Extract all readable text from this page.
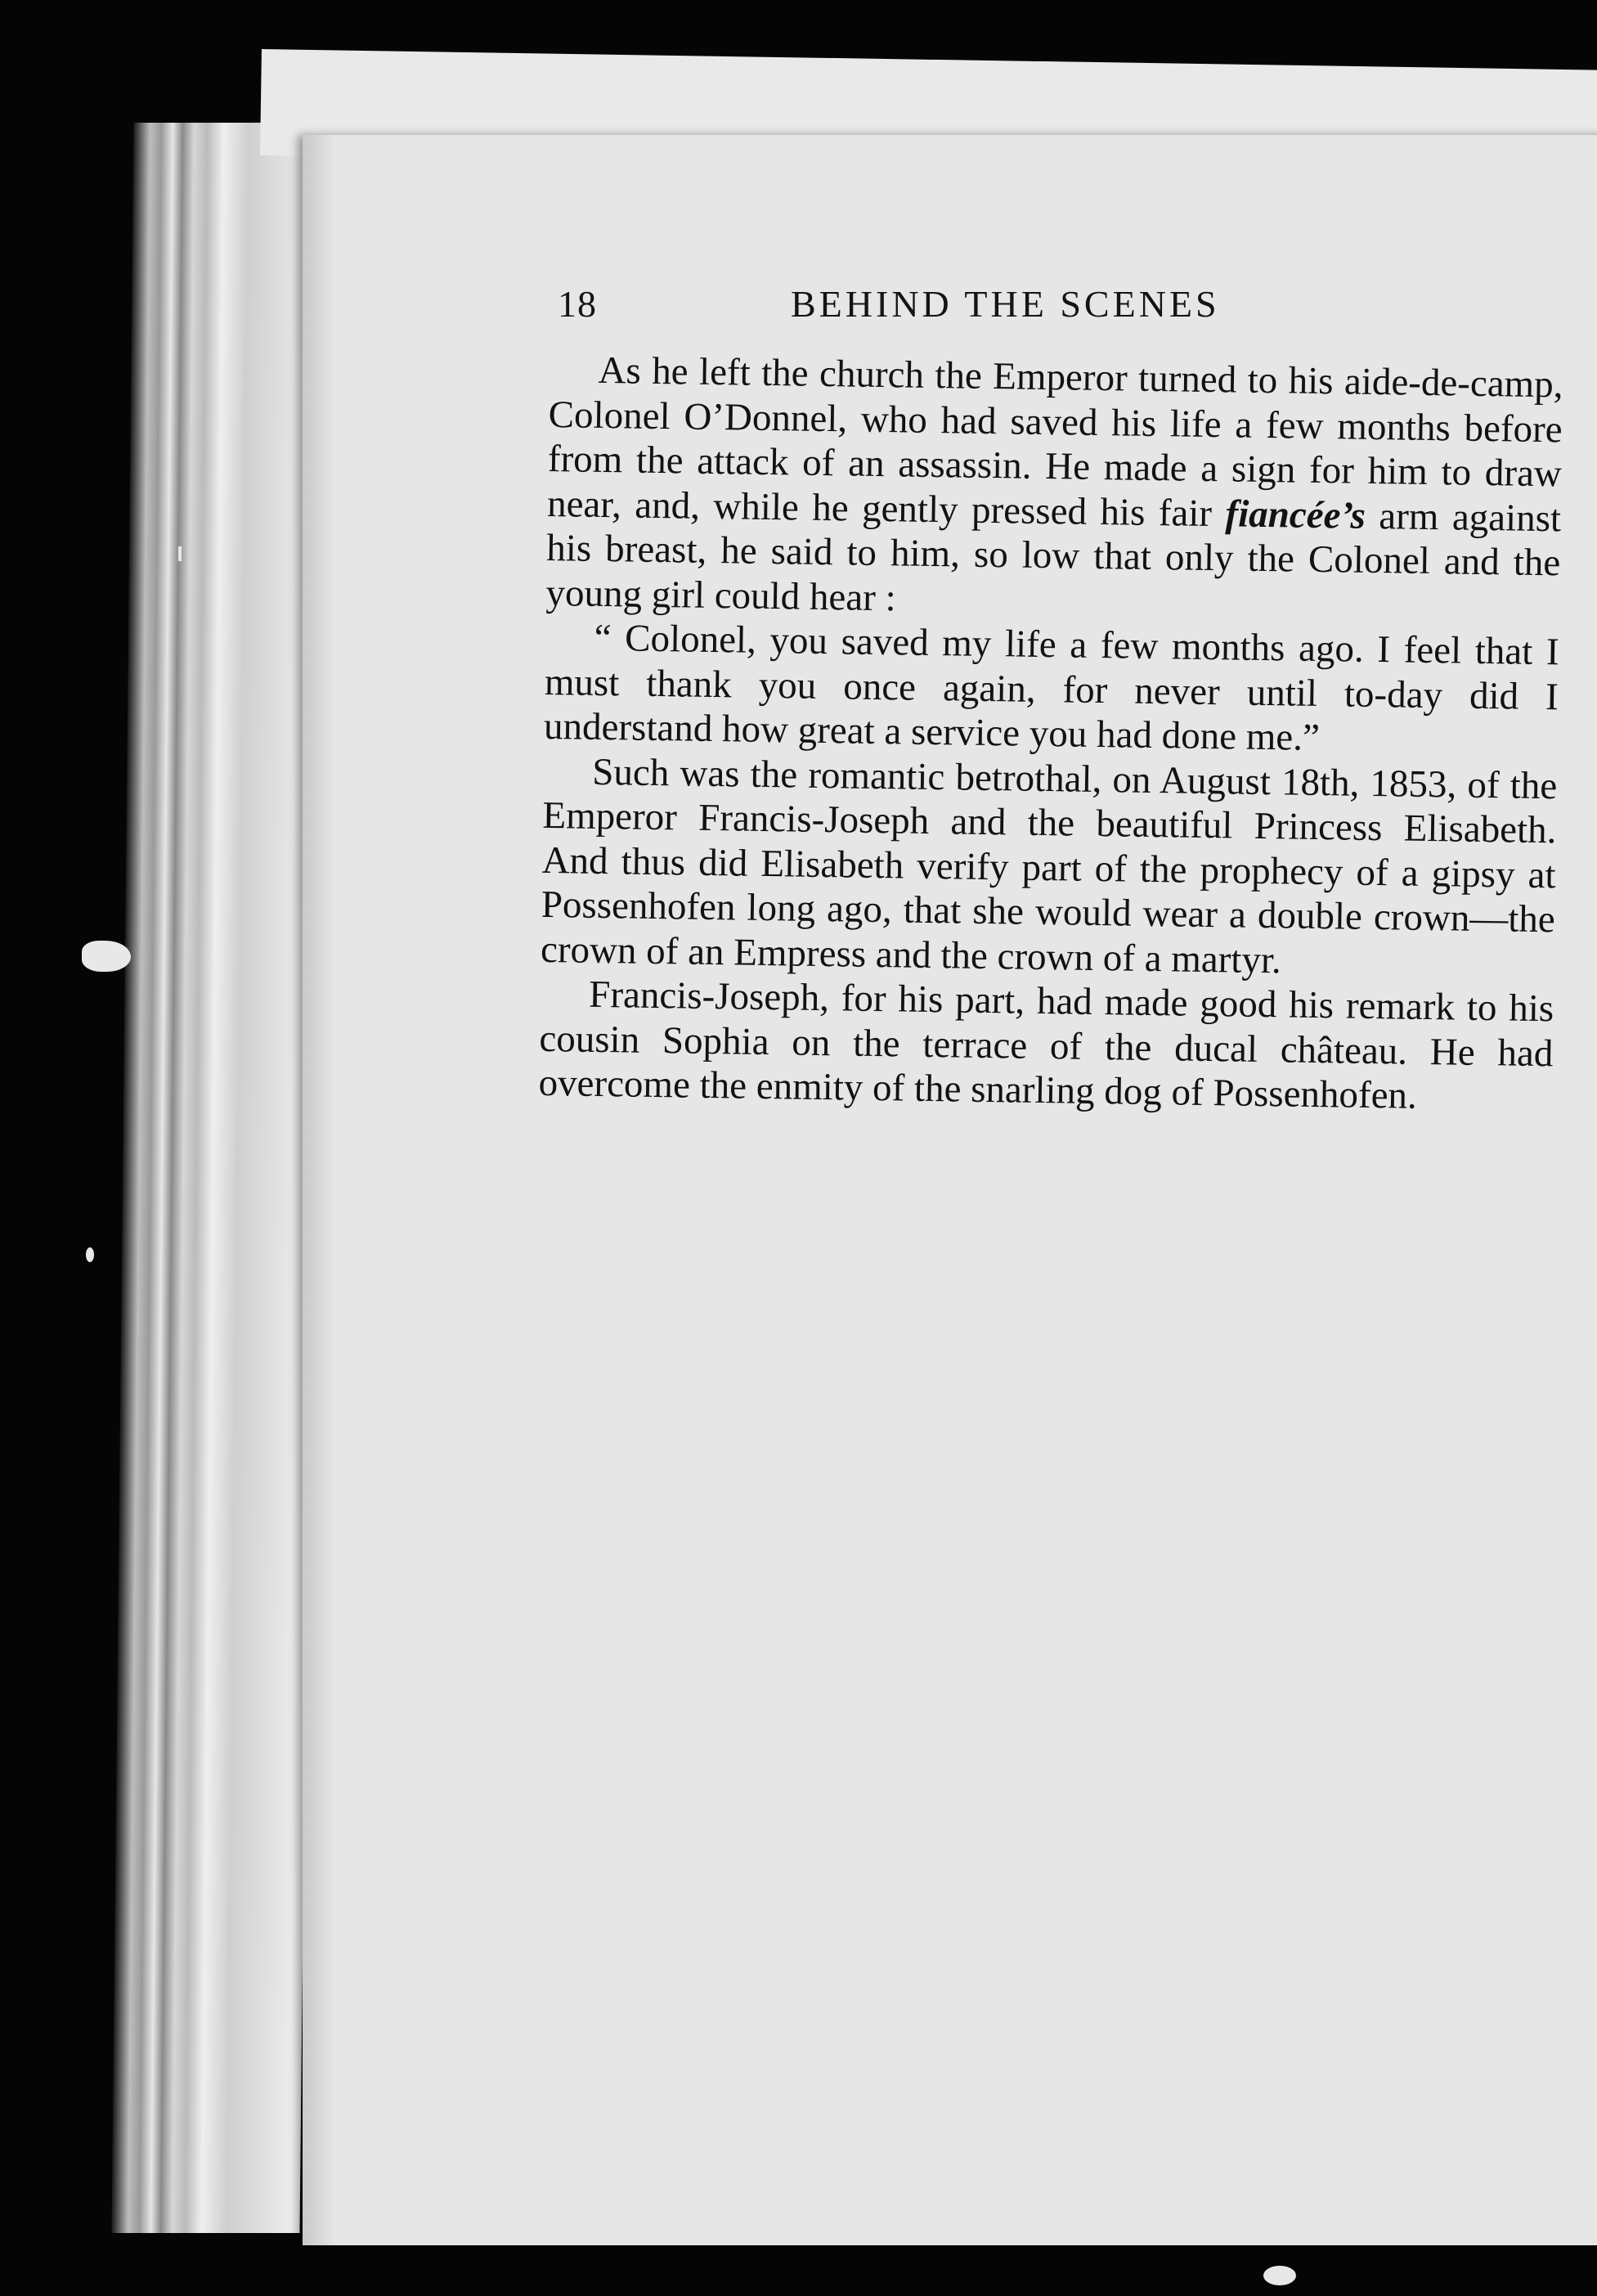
18	BEHIND THE SCENES

As he left the church the Emperor turned to his aide-de-camp, Colonel O’Donnel, who had saved his life a few months before from the attack of an assassin. He made a sign for him to draw near, and, while he gently pressed his fair fiancée’s arm against his breast, he said to him, so low that only the Colonel and the young girl could hear :

“ Colonel, you saved my life a few months ago. I feel that I must thank you once again, for never until to-day did I understand how great a service you had done me.”

Such was the romantic betrothal, on August 18th, 1853, of the Emperor Francis-Joseph and the beautiful Princess Elisabeth. And thus did Elisabeth verify part of the prophecy of a gipsy at Possenhofen long ago, that she would wear a double crown—the crown of an Empress and the crown of a martyr.

Francis-Joseph, for his part, had made good his remark to his cousin Sophia on the terrace of the ducal château. He had overcome the enmity of the snarling dog of Possenhofen.
